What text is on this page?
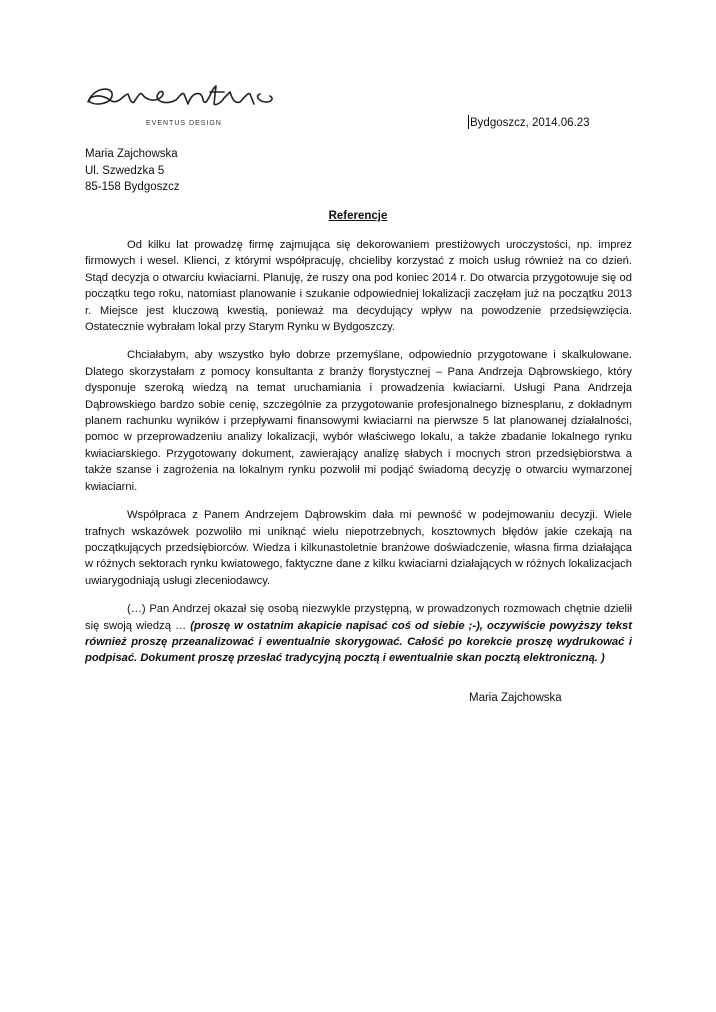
EVENTUS DESIGN	Bydgoszcz, 2014.06.23
Maria Zajchowska
Ul. Szwedzka 5
85-158 Bydgoszcz
Referencje

Od kilku lat prowadzę firmę zajmująca się dekorowaniem prestiżowych uroczystości, np. imprez firmowych i wesel. Klienci, z którymi współpracuję, chcieliby korzystać z moich usług również na co dzień. Stąd decyzja o otwarciu kwiaciarni. Planuję, że ruszy ona pod koniec 2014 r. Do otwarcia przygotowuje się od początku tego roku, natomiast planowanie i szukanie odpowiedniej lokalizacji zaczęłam już na początku 2013 r. Miejsce jest kluczową kwestią, ponieważ ma decydujący wpływ na powodzenie przedsięwzięcia. Ostatecznie wybrałam lokal przy Starym Rynku w Bydgoszczy.

Chciałabym, aby wszystko było dobrze przemyślane, odpowiednio przygotowane i skalkulowane. Dlatego skorzystałam z pomocy konsultanta z branży florystycznej – Pana Andrzeja Dąbrowskiego, który dysponuje szeroką wiedzą na temat uruchamiania i prowadzenia kwiaciarni. Usługi Pana Andrzeja Dąbrowskiego bardzo sobie cenię, szczególnie za przygotowanie profesjonalnego biznesplanu, z dokładnym planem rachunku wyników i przepływami finansowymi kwiaciarni na pierwsze 5 lat planowanej działalności, pomoc w przeprowadzeniu analizy lokalizacji, wybór właściwego lokalu, a także zbadanie lokalnego rynku kwiaciarskiego. Przygotowany dokument, zawierający analizę słabych i mocnych stron przedsiębiorstwa a także szanse i zagrożenia na lokalnym rynku pozwolił mi podjąć świadomą decyzję o otwarciu wymarzonej kwiaciarni.

Współpraca z Panem Andrzejem Dąbrowskim dała mi pewność w podejmowaniu decyzji. Wiele trafnych wskazówek pozwoliło mi uniknąć wielu niepotrzebnych, kosztownych błędów jakie czekają na początkujących przedsiębiorców. Wiedza i kilkunastoletnie branżowe doświadczenie, własna firma działająca w różnych sektorach rynku kwiatowego, faktyczne dane z kilku kwiaciarni działających w różnych lokalizacjach uwiarygodniają usługi zleceniodawcy.

(…) Pan Andrzej okazał się osobą niezwykle przystępną, w prowadzonych rozmowach chętnie dzielił się swoją wiedzą … (proszę w ostatnim akapicie napisać coś od siebie ;-), oczywiście powyższy tekst również proszę przeanalizować i ewentualnie skorygować. Całość po korekcie proszę wydrukować i podpisać. Dokument proszę przesłać tradycyjną pocztą i ewentualnie skan pocztą elektroniczną. )

Maria Zajchowska
